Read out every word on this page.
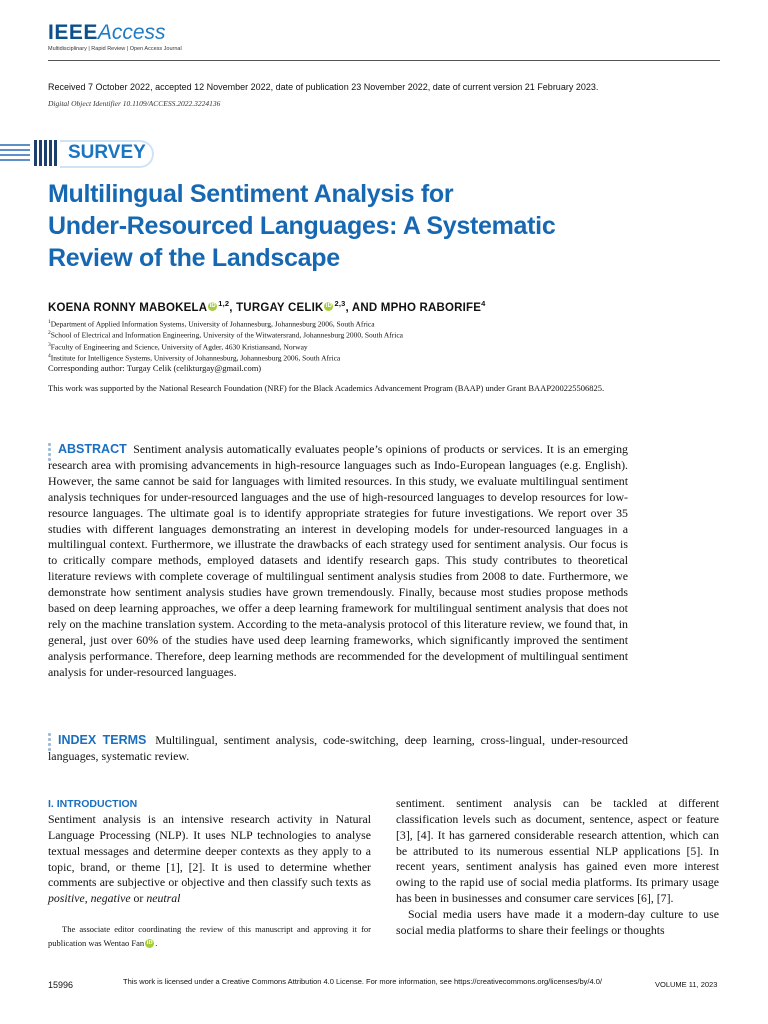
IEEEAccess
Multidisciplinary | Rapid Review | Open Access Journal
Received 7 October 2022, accepted 12 November 2022, date of publication 23 November 2022, date of current version 21 February 2023.
Digital Object Identifier 10.1109/ACCESS.2022.3224136
SURVEY
Multilingual Sentiment Analysis for
Under-Resourced Languages: A Systematic
Review of the Landscape
KOENA RONNY MABOKELA iD $^{1,2}$, TURGAY CELIK iD $^{2,3}$, AND MPHO RABORIFE$^4$
$^1$Department of Applied Information Systems, University of Johannesburg, Johannesburg 2006, South Africa
$^2$School of Electrical and Information Engineering, University of the Witwatersrand, Johannesburg 2000, South Africa
$^3$Faculty of Engineering and Science, University of Agder, 4630 Kristiansand, Norway
$^4$Institute for Intelligence Systems, University of Johannesburg, Johannesburg 2006, South Africa
Corresponding author: Turgay Celik (celikturgay@gmail.com)
This work was supported by the National Research Foundation (NRF) for the Black Academics Advancement Program (BAAP) under Grant BAAP200225506825.
ABSTRACT Sentiment analysis automatically evaluates people’s opinions of products or services. It is an emerging research area with promising advancements in high-resource languages such as Indo-European languages (e.g. English). However, the same cannot be said for languages with limited resources. In this study, we evaluate multilingual sentiment analysis techniques for under-resourced languages and the use of high-resourced languages to develop resources for low-resource languages. The ultimate goal is to identify appropriate strategies for future investigations. We report over 35 studies with different languages demonstrating an interest in developing models for under-resourced languages in a multilingual context. Furthermore, we illustrate the drawbacks of each strategy used for sentiment analysis. Our focus is to critically compare methods, employed datasets and identify research gaps. This study contributes to theoretical literature reviews with complete coverage of multilingual sentiment analysis studies from 2008 to date. Furthermore, we demonstrate how sentiment analysis studies have grown tremendously. Finally, because most studies propose methods based on deep learning approaches, we offer a deep learning framework for multilingual sentiment analysis that does not rely on the machine translation system. According to the meta-analysis protocol of this literature review, we found that, in general, just over 60% of the studies have used deep learning frameworks, which significantly improved the sentiment analysis performance. Therefore, deep learning methods are recommended for the development of multilingual sentiment analysis for under-resourced languages.
INDEX TERMS Multilingual, sentiment analysis, code-switching, deep learning, cross-lingual, under-resourced languages, systematic review.
I. INTRODUCTION
Sentiment analysis is an intensive research activity in Natural Language Processing (NLP). It uses NLP technologies to analyse textual messages and determine deeper contexts as they apply to a topic, brand, or theme [1], [2]. It is used to determine whether comments are subjective or objective and then classify such texts as positive, negative or neutral

sentiment. sentiment analysis can be tackled at different classification levels such as document, sentence, aspect or feature [3], [4]. It has garnered considerable research attention, which can be attributed to its numerous essential NLP applications [5]. In recent years, sentiment analysis has gained even more interest owing to the rapid use of social media platforms. Its primary usage has been in businesses and consumer care services [6], [7].

Social media users have made it a modern-day culture to use social media platforms to share their feelings or thoughts

The associate editor coordinating the review of this manuscript and approving it for publication was Wentao Fan iD .
15996	This work is licensed under a Creative Commons Attribution 4.0 License. For more information, see https://creativecommons.org/licenses/by/4.0/	VOLUME 11, 2023
